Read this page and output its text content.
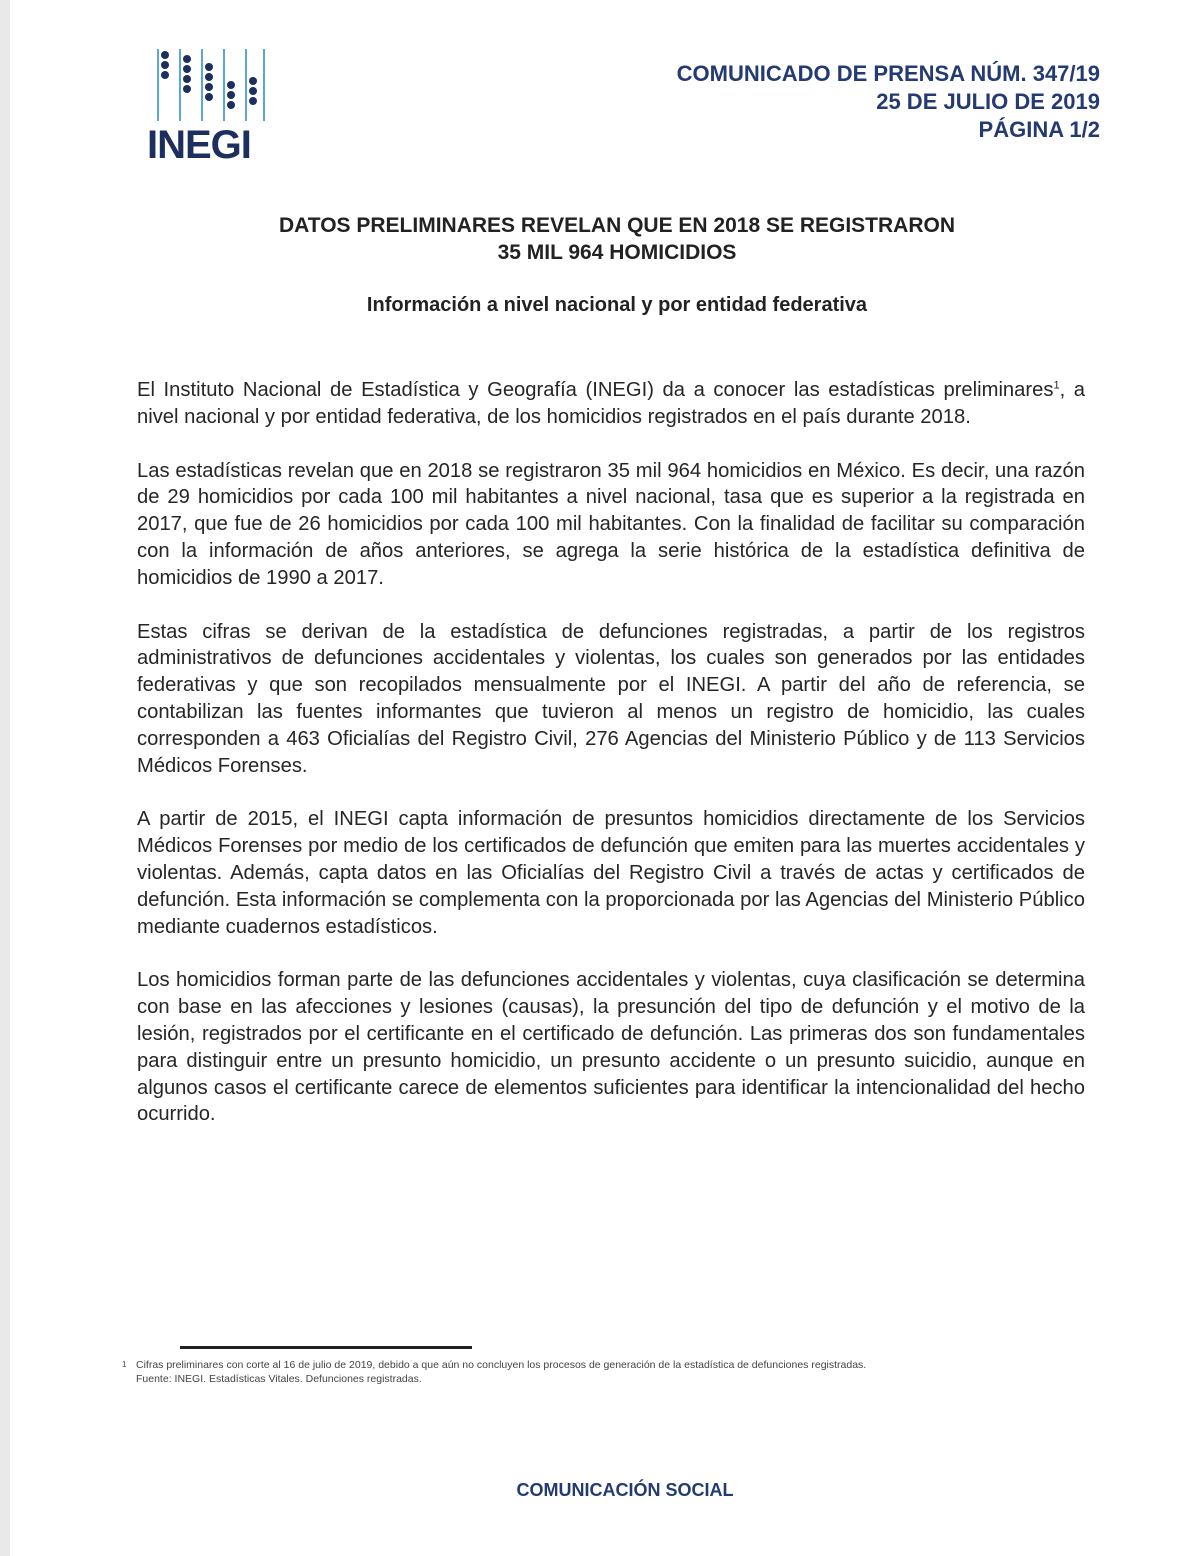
INEGI
COMUNICADO DE PRENSA NÚM. 347/19
25 DE JULIO DE 2019
PÁGINA 1/2
DATOS PRELIMINARES REVELAN QUE EN 2018 SE REGISTRARON
35 MIL 964 HOMICIDIOS
Información a nivel nacional y por entidad federativa

El Instituto Nacional de Estadística y Geografía (INEGI) da a conocer las estadísticas preliminares$^1$, a nivel nacional y por entidad federativa, de los homicidios registrados en el país durante 2018.

Las estadísticas revelan que en 2018 se registraron 35 mil 964 homicidios en México. Es decir, una razón de 29 homicidios por cada 100 mil habitantes a nivel nacional, tasa que es superior a la registrada en 2017, que fue de 26 homicidios por cada 100 mil habitantes. Con la finalidad de facilitar su comparación con la información de años anteriores, se agrega la serie histórica de la estadística definitiva de homicidios de 1990 a 2017.

Estas cifras se derivan de la estadística de defunciones registradas, a partir de los registros administrativos de defunciones accidentales y violentas, los cuales son generados por las entidades federativas y que son recopilados mensualmente por el INEGI. A partir del año de referencia, se contabilizan las fuentes informantes que tuvieron al menos un registro de homicidio, las cuales corresponden a 463 Oficialías del Registro Civil, 276 Agencias del Ministerio Público y de 113 Servicios Médicos Forenses.

A partir de 2015, el INEGI capta información de presuntos homicidios directamente de los Servicios Médicos Forenses por medio de los certificados de defunción que emiten para las muertes accidentales y violentas. Además, capta datos en las Oficialías del Registro Civil a través de actas y certificados de defunción. Esta información se complementa con la proporcionada por las Agencias del Ministerio Público mediante cuadernos estadísticos.

Los homicidios forman parte de las defunciones accidentales y violentas, cuya clasificación se determina con base en las afecciones y lesiones (causas), la presunción del tipo de defunción y el motivo de la lesión, registrados por el certificante en el certificado de defunción. Las primeras dos son fundamentales para distinguir entre un presunto homicidio, un presunto accidente o un presunto suicidio, aunque en algunos casos el certificante carece de elementos suficientes para identificar la intencionalidad del hecho ocurrido.

1 Cifras preliminares con corte al 16 de julio de 2019, debido a que aún no concluyen los procesos de generación de la estadística de defunciones registradas.
Fuente: INEGI. Estadísticas Vitales. Defunciones registradas.
COMUNICACIÓN SOCIAL
